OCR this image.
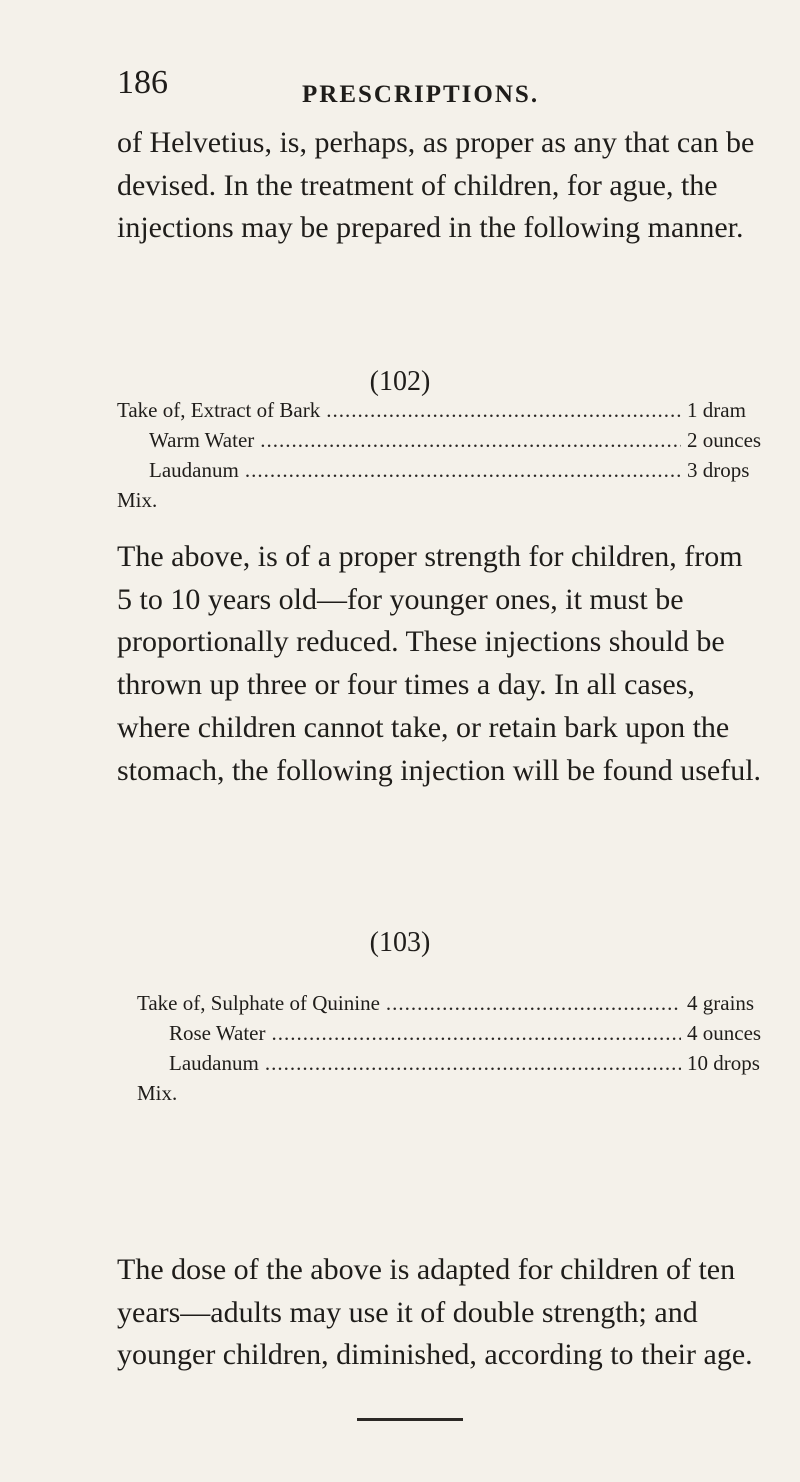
186	PRESCRIPTIONS.

of Helvetius, is, perhaps, as proper as any that can be devised. In the treatment of children, for ague, the injections may be prepared in the following manner.

(102)
Take of, Extract of Bark .....	1 dram
Warm Water .....	2 ounces
Laudanum .....	3 drops
Mix.

The above, is of a proper strength for children, from 5 to 10 years old—for younger ones, it must be proportionally reduced. These injections should be thrown up three or four times a day. In all cases, where children cannot take, or retain bark upon the stomach, the following injection will be found useful.

(103)
Take of, Sulphate of Quinine .....	4 grains
Rose Water .....	4 ounces
Laudanum .....	10 drops
Mix.

The dose of the above is adapted for children of ten years—adults may use it of double strength; and younger children, diminished, according to their age.
